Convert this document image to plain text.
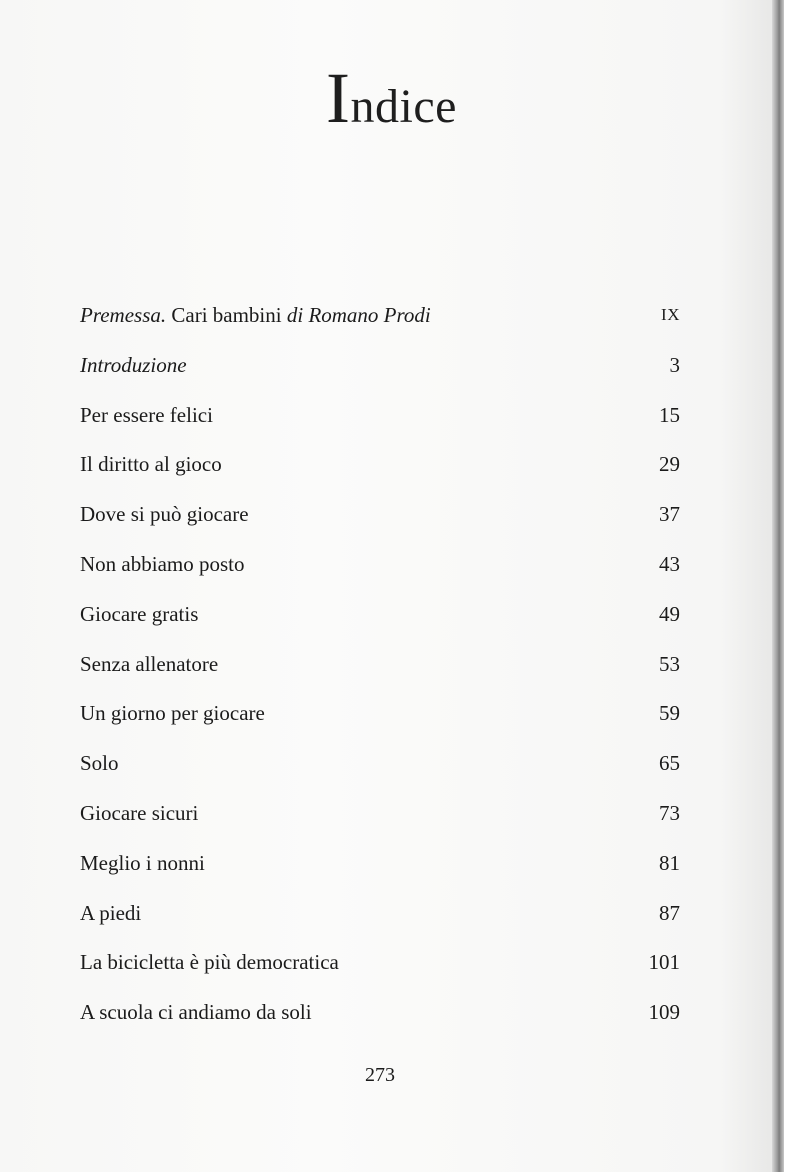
Indice
Premessa. Cari bambini di Romano Prodi	IX
Introduzione	3
Per essere felici	15
Il diritto al gioco	29
Dove si può giocare	37
Non abbiamo posto	43
Giocare gratis	49
Senza allenatore	53
Un giorno per giocare	59
Solo	65
Giocare sicuri	73
Meglio i nonni	81
A piedi	87
La bicicletta è più democratica	101
A scuola ci andiamo da soli	109
273
